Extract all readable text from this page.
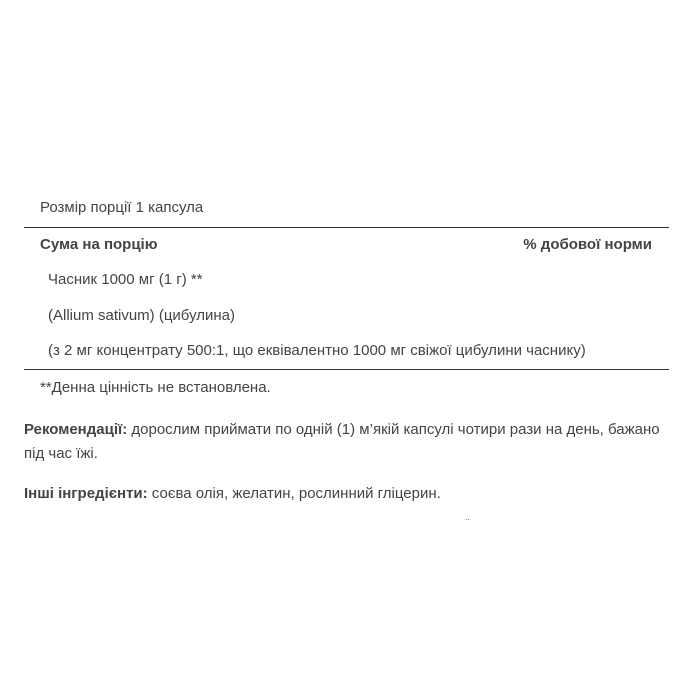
Розмір порції 1 капсула
Сума на порцію	% добової норми
Часник 1000 мг (1 г) **
(Allium sativum) (цибулина)
(з 2 мг концентрату 500:1, що еквівалентно 1000 мг свіжої цибулини часнику)
**Денна цінність не встановлена.
Рекомендації: дорослим приймати по одній (1) м’якій капсулі чотири рази на день, бажано під час їжі.
Інші інгредієнти: соєва олія, желатин, рослинний гліцерин.
..
